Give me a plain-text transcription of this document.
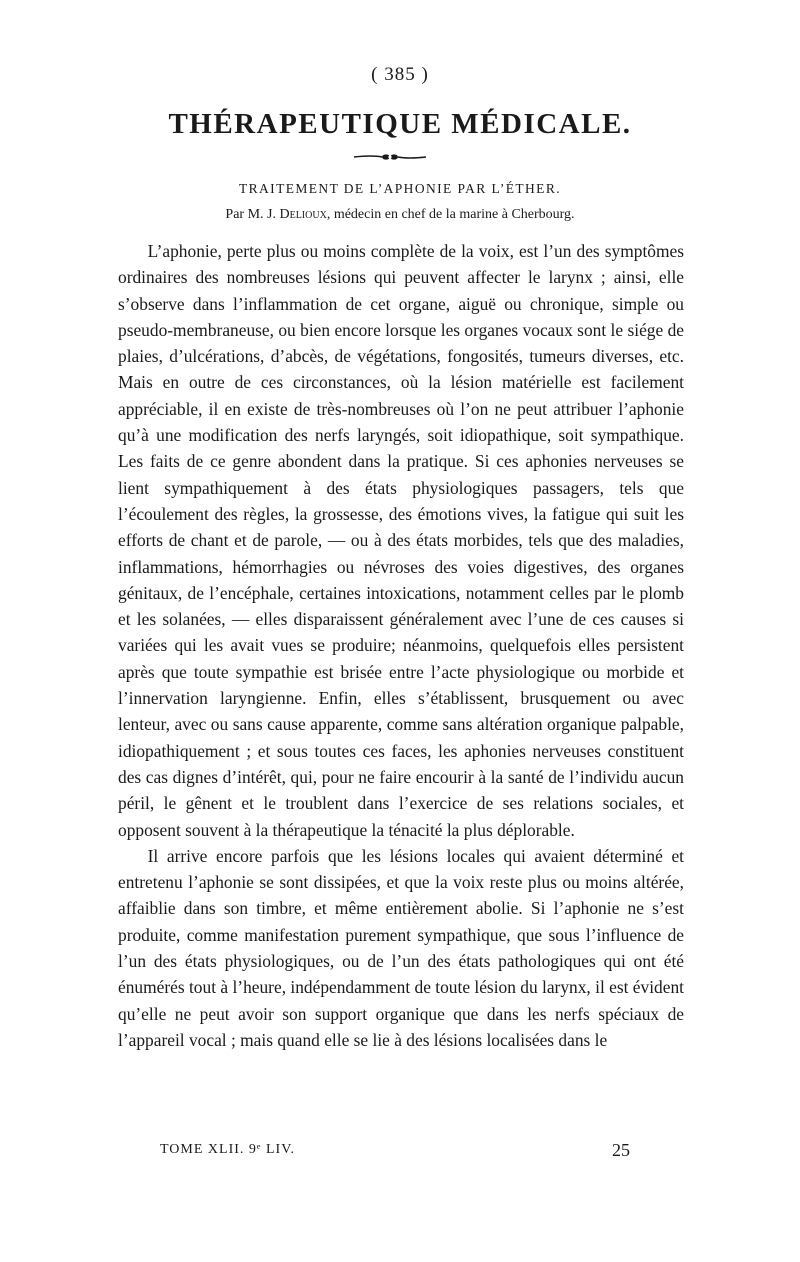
( 385 )
THÉRAPEUTIQUE MÉDICALE.
TRAITEMENT DE L’APHONIE PAR L’ÉTHER.
Par M. J. Delioux, médecin en chef de la marine à Cherbourg.

L’aphonie, perte plus ou moins complète de la voix, est l’un des symptômes ordinaires des nombreuses lésions qui peuvent affecter le larynx ; ainsi, elle s’observe dans l’inflammation de cet organe, aiguë ou chronique, simple ou pseudo-membraneuse, ou bien encore lorsque les organes vocaux sont le siége de plaies, d’ulcérations, d’abcès, de végétations, fongosités, tumeurs diverses, etc. Mais en outre de ces circonstances, où la lésion matérielle est facilement appréciable, il en existe de très-nombreuses où l’on ne peut attribuer l’aphonie qu’à une modification des nerfs laryngés, soit idiopathique, soit sympathique. Les faits de ce genre abondent dans la pratique. Si ces aphonies nerveuses se lient sympathiquement à des états physiologiques passagers, tels que l’écoulement des règles, la grossesse, des émotions vives, la fatigue qui suit les efforts de chant et de parole, — ou à des états morbides, tels que des maladies, inflammations, hémorrhagies ou névroses des voies digestives, des organes génitaux, de l’encéphale, certaines intoxications, notamment celles par le plomb et les solanées, — elles disparaissent généralement avec l’une de ces causes si variées qui les avait vues se produire; néanmoins, quelquefois elles persistent après que toute sympathie est brisée entre l’acte physiologique ou morbide et l’innervation laryngienne. Enfin, elles s’établissent, brusquement ou avec lenteur, avec ou sans cause apparente, comme sans altération organique palpable, idiopathiquement ; et sous toutes ces faces, les aphonies nerveuses constituent des cas dignes d’intérêt, qui, pour ne faire encourir à la santé de l’individu aucun péril, le gênent et le troublent dans l’exercice de ses relations sociales, et opposent souvent à la thérapeutique la ténacité la plus déplorable.

Il arrive encore parfois que les lésions locales qui avaient déterminé et entretenu l’aphonie se sont dissipées, et que la voix reste plus ou moins altérée, affaiblie dans son timbre, et même entièrement abolie. Si l’aphonie ne s’est produite, comme manifestation purement sympathique, que sous l’influence de l’un des états physiologiques, ou de l’un des états pathologiques qui ont été énumérés tout à l’heure, indépendamment de toute lésion du larynx, il est évident qu’elle ne peut avoir son support organique que dans les nerfs spéciaux de l’appareil vocal ; mais quand elle se lie à des lésions localisées dans le

TOME XLII. 9ᵉ LIV.	25
